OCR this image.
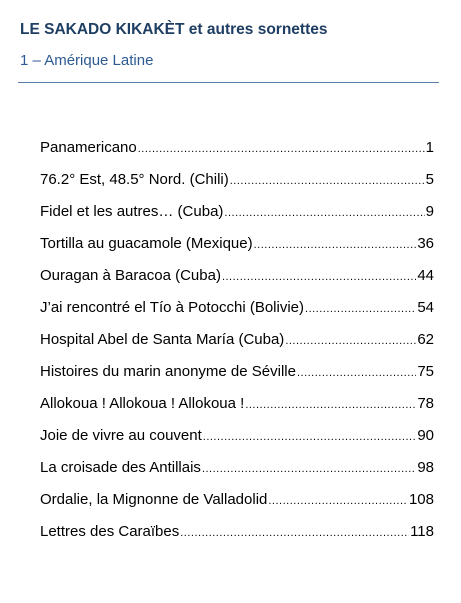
LE SAKADO KIKAKÈT et autres sornettes
1 – Amérique Latine
Panamericano .....	1
76.2° Est, 48.5° Nord. (Chili) .....	5
Fidel et les autres… (Cuba) .....	9
Tortilla au guacamole (Mexique) .....	36
Ouragan à Baracoa (Cuba) .....	44
J’ai rencontré el Tío à Potocchi (Bolivie) .....	54
Hospital Abel de Santa María (Cuba) .....	62
Histoires du marin anonyme de Séville .....	75
Allokoua ! Allokoua ! Allokoua ! .....	78
Joie de vivre au couvent .....	90
La croisade des Antillais .....	98
Ordalie, la Mignonne de Valladolid .....	108
Lettres des Caraïbes .....	118
